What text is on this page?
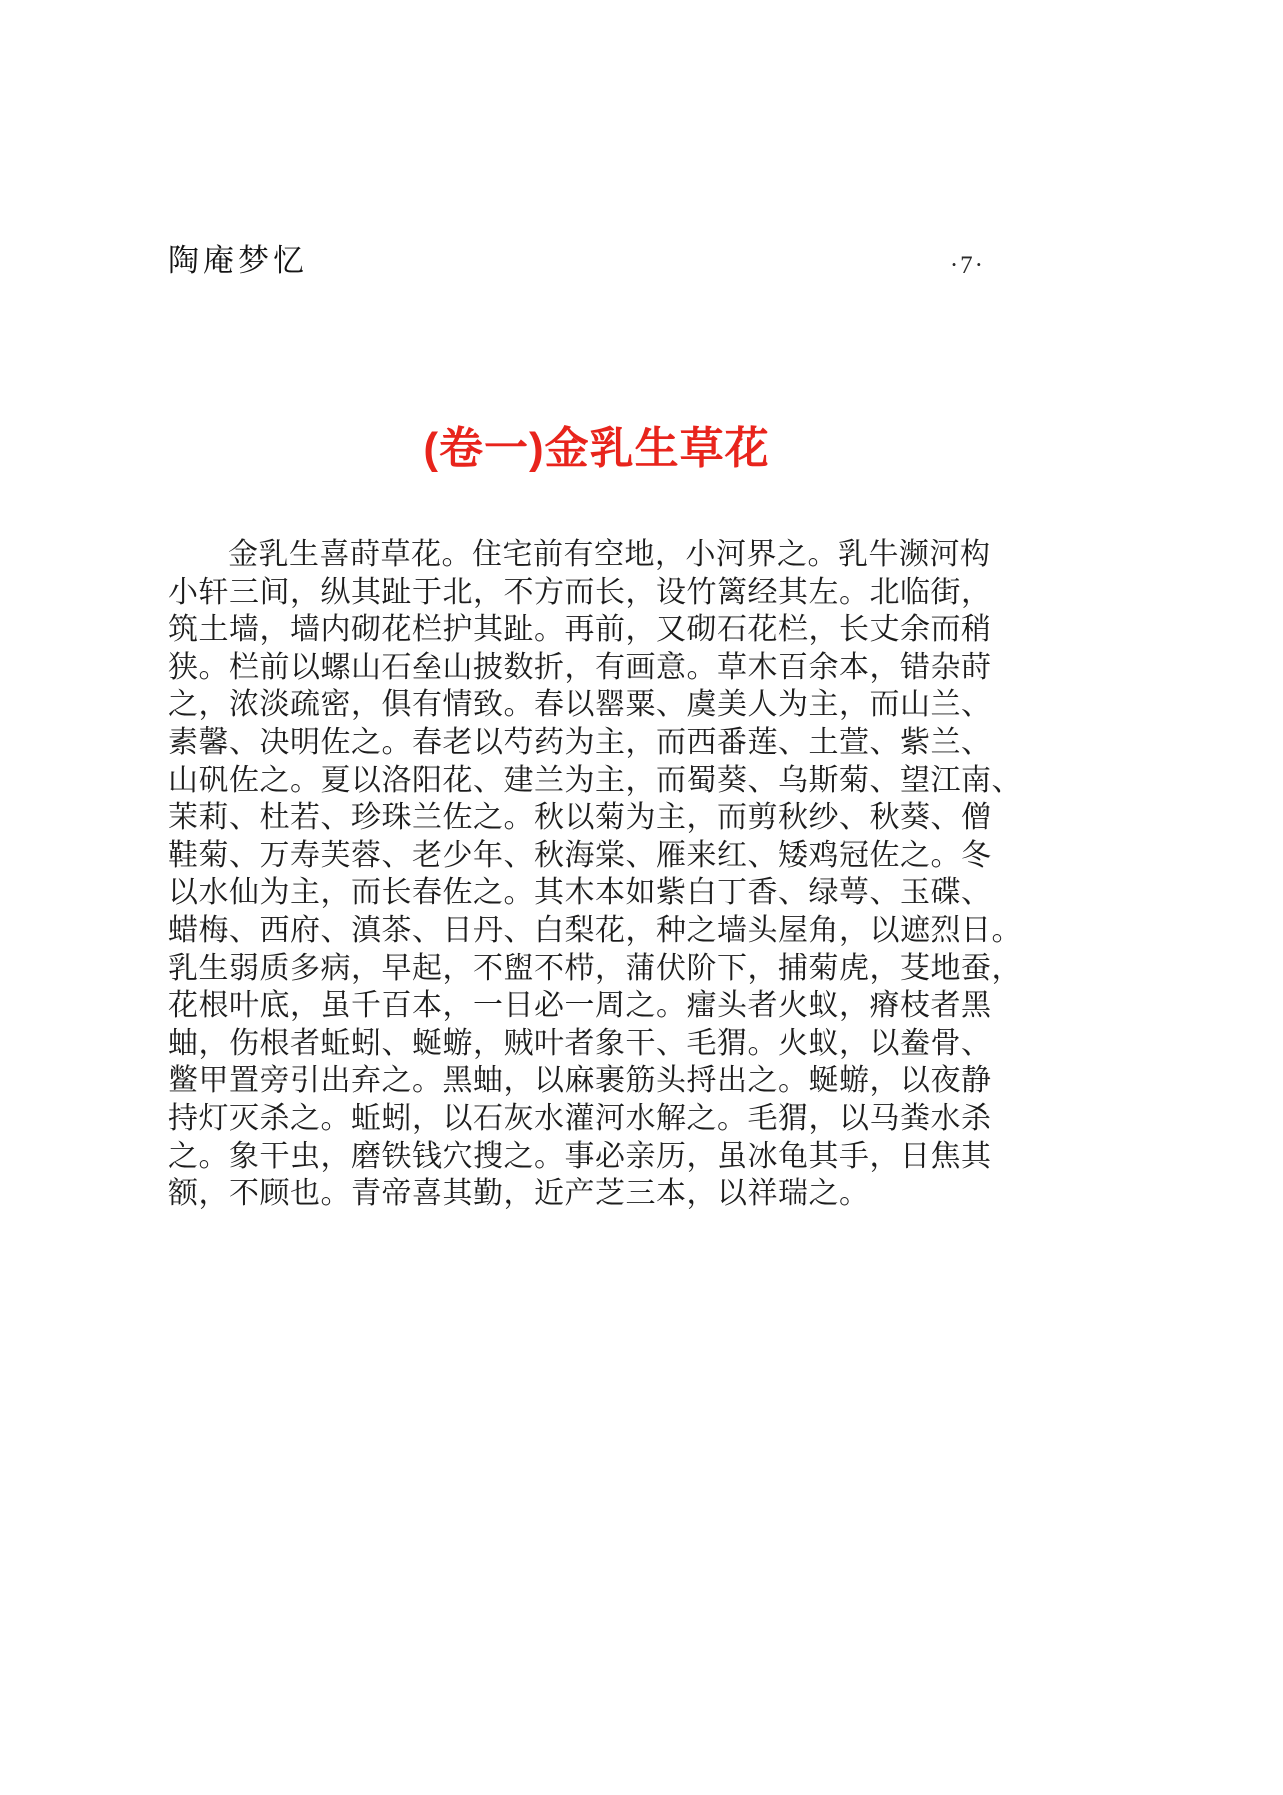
陶庵梦忆	·7·
(卷一)金乳生草花
金乳生喜莳草花。住宅前有空地，小河界之。乳牛濒河构
小轩三间，纵其趾于北，不方而长，设竹篱经其左。北临街，
筑土墙，墙内砌花栏护其趾。再前，又砌石花栏，长丈余而稍
狭。栏前以螺山石垒山披数折，有画意。草木百余本，错杂莳
之，浓淡疏密，俱有情致。春以罂粟、虞美人为主，而山兰、
素馨、决明佐之。春老以芍药为主，而西番莲、土萱、紫兰、
山矾佐之。夏以洛阳花、建兰为主，而蜀葵、乌斯菊、望江南、
茉莉、杜若、珍珠兰佐之。秋以菊为主，而剪秋纱、秋葵、僧
鞋菊、万寿芙蓉、老少年、秋海棠、雁来红、矮鸡冠佐之。冬
以水仙为主，而长春佐之。其木本如紫白丁香、绿萼、玉碟、
蜡梅、西府、滇茶、日丹、白梨花，种之墙头屋角，以遮烈日。
乳生弱质多病，早起，不盥不栉，蒲伏阶下，捕菊虎，芟地蚕，
花根叶底，虽千百本，一日必一周之。癗头者火蚁，瘠枝者黑
蚰，伤根者蚯蚓、蜒蝣，贼叶者象干、毛猬。火蚁，以鲞骨、
鳖甲置旁引出弃之。黑蚰，以麻裹筋头捋出之。蜒蝣，以夜静
持灯灭杀之。蚯蚓，以石灰水灌河水解之。毛猬，以马粪水杀
之。象干虫，磨铁钱穴搜之。事必亲历，虽冰龟其手，日焦其
额，不顾也。青帝喜其勤，近产芝三本，以祥瑞之。
